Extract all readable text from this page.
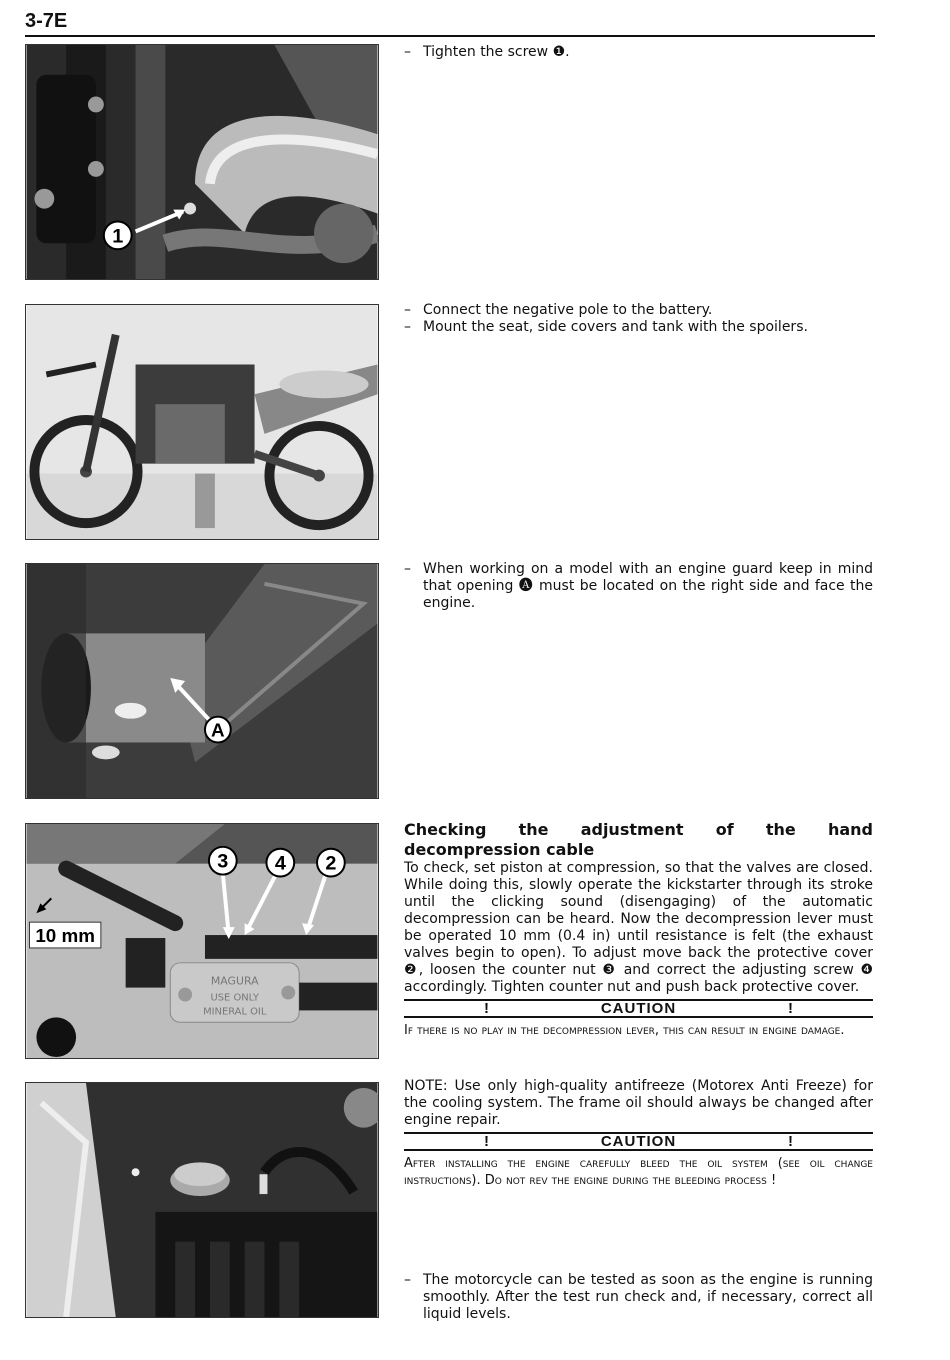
3-7E
1
A
MAGURA
USE ONLY
MINERAL OIL
3 4 2
10 mm
– Tighten the screw ❶.
– Connect the negative pole to the battery.
– Mount the seat, side covers and tank with the spoilers.
– When working on a model with an engine guard keep in mind that opening 🅐 must be located on the right side and face the engine.
Checking the adjustment of the hand decompression cable
To check, set piston at compression, so that the valves are closed. While doing this, slowly operate the kickstarter through its stroke until the clicking sound (disengaging) of the automatic decompression can be heard. Now the decompression lever must be operated 10 mm (0.4 in) until resistance is felt (the exhaust valves begin to open). To adjust move back the protective cover ❷, loosen the counter nut ❸ and correct the adjusting screw ❹ accordingly. Tighten counter nut and push back protective cover.
!	CAUTION	!
If there is no play in the decompression lever, this can result in engine damage.
NOTE: Use only high-quality antifreeze (Motorex Anti Freeze) for the cooling system. The frame oil should always be changed after engine repair.
!	CAUTION	!
After installing the engine carefully bleed the oil system (see oil change instructions). Do not rev the engine during the bleeding process !
– The motorcycle can be tested as soon as the engine is running smoothly. After the test run check and, if necessary, correct all liquid levels.
